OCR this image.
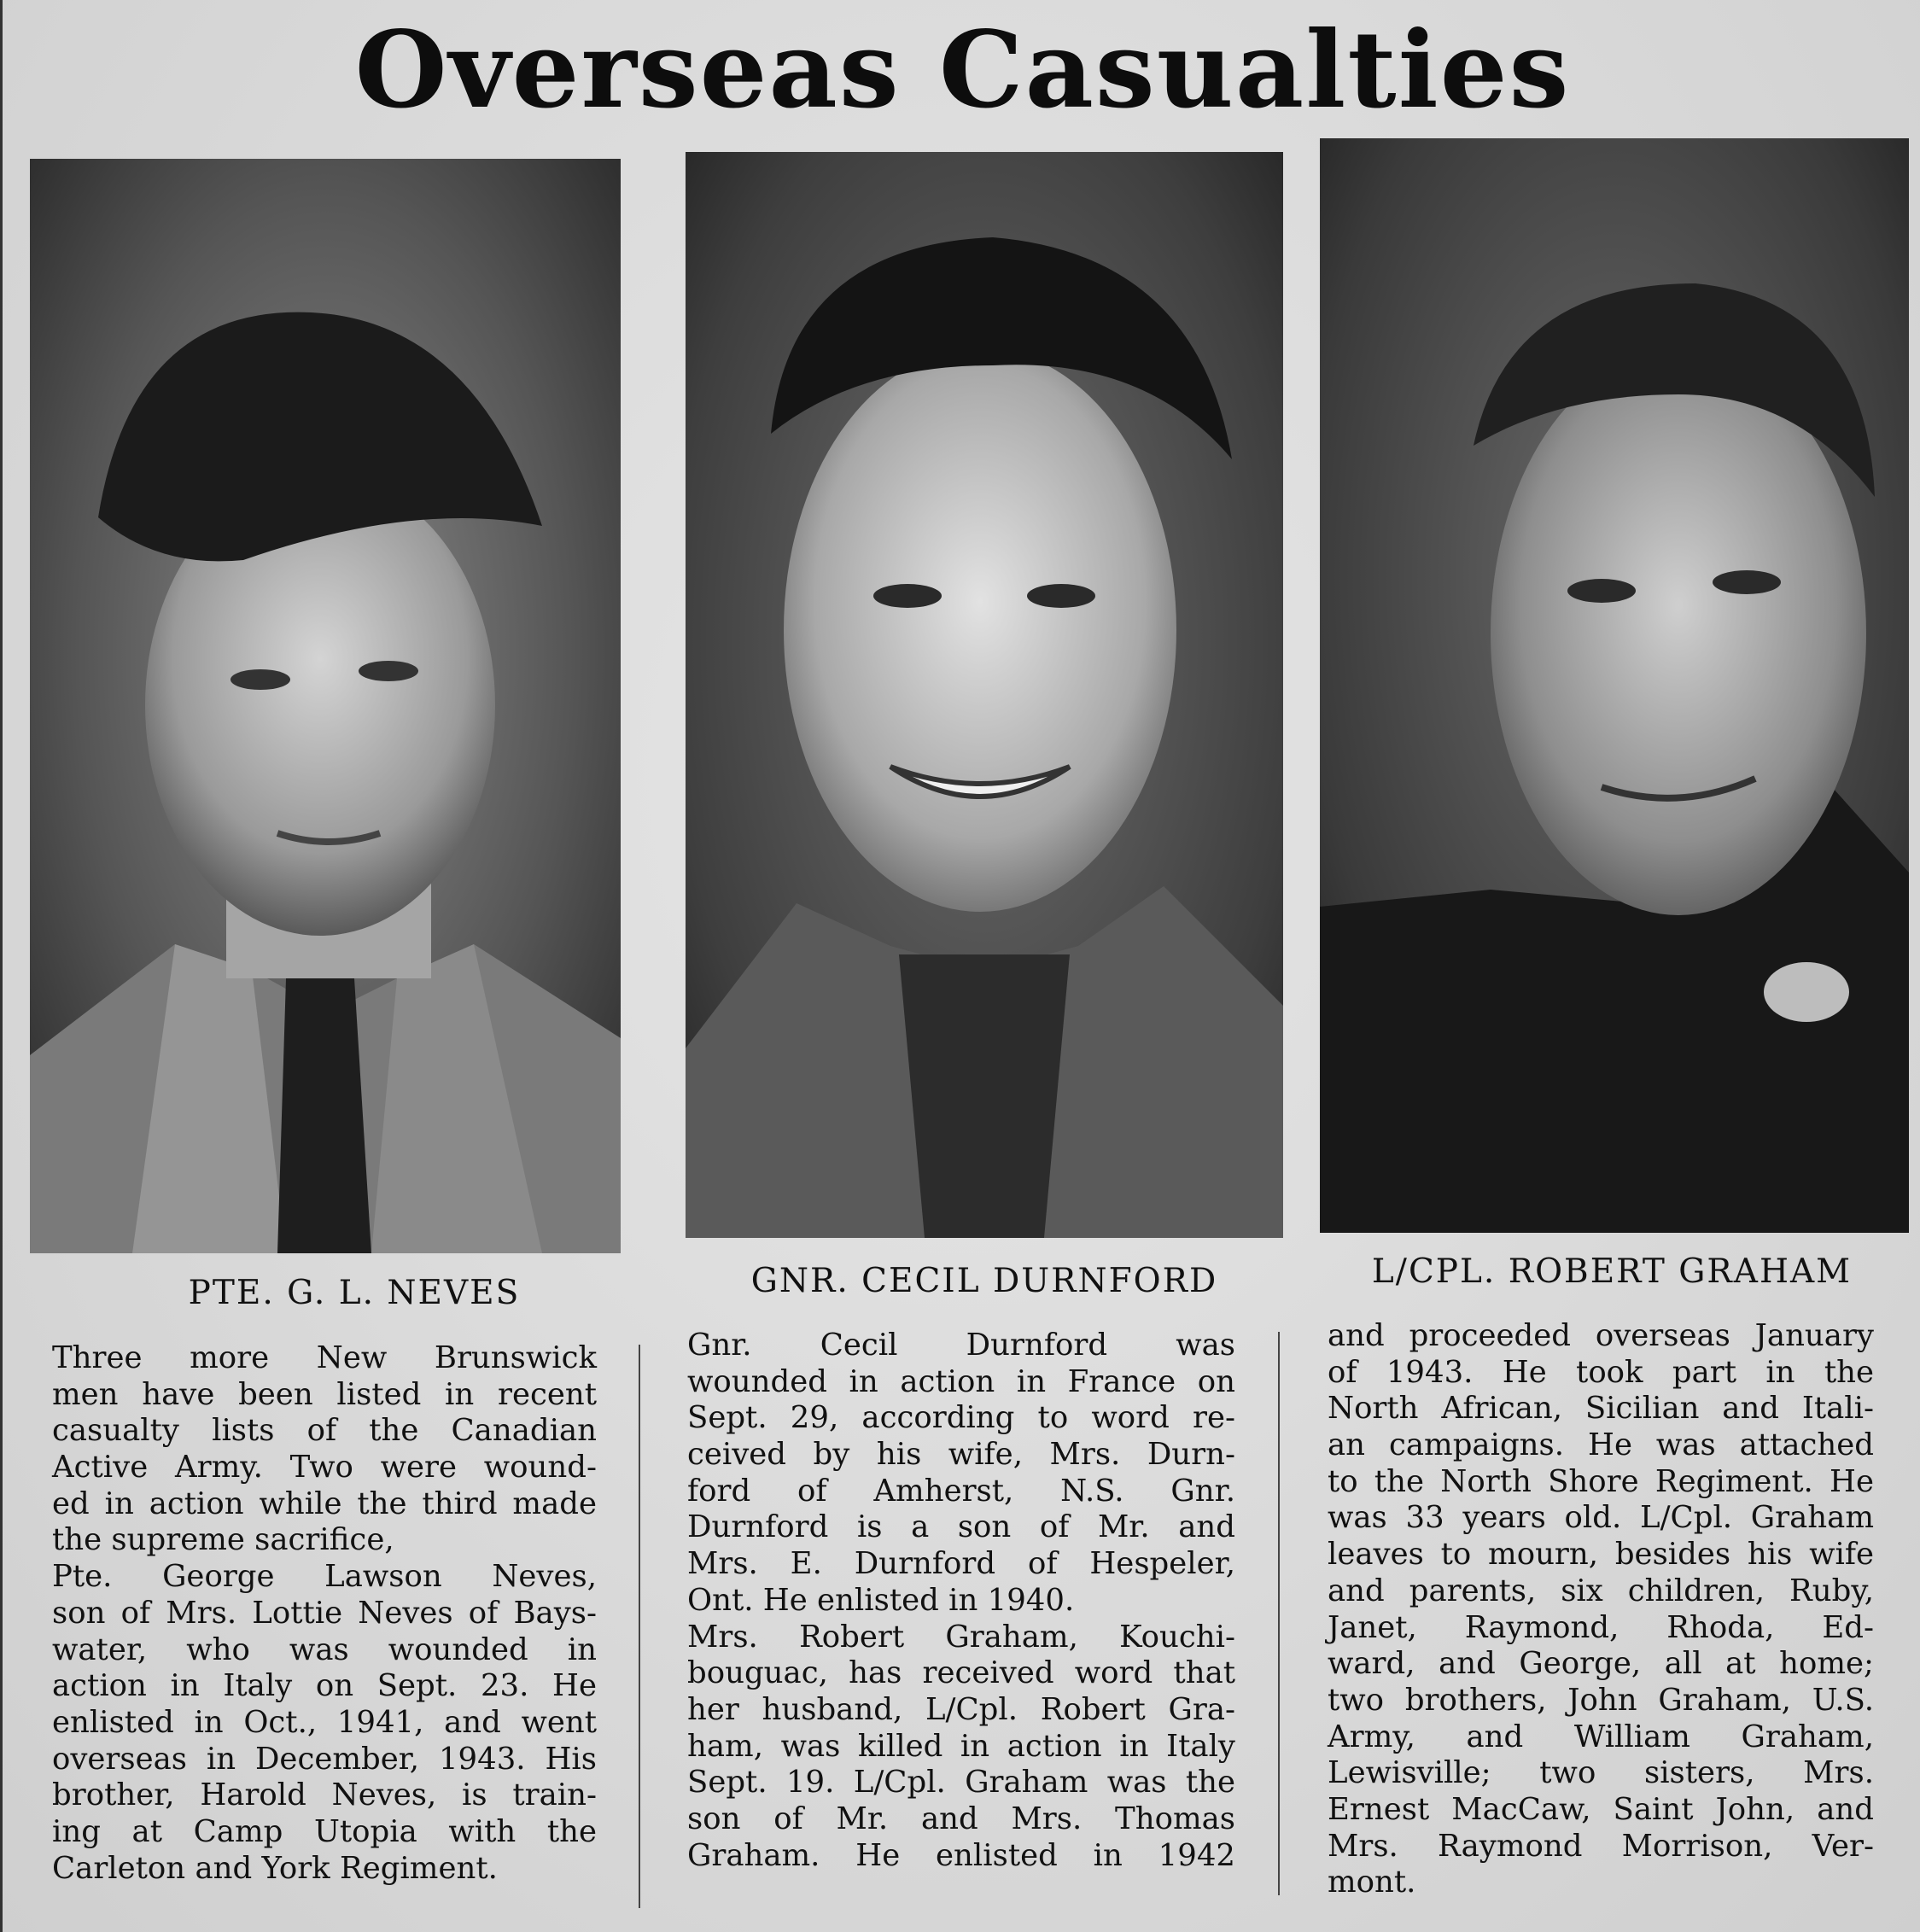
Overseas Casualties
PTE. G. L. NEVES	GNR. CECIL DURNFORD	L/CPL. ROBERT GRAHAM
Three more New Brunswick
men have been listed in recent
casualty lists of the Canadian
Active Army. Two were wound-
ed in action while the third made
the supreme sacrifice,
Pte. George Lawson Neves,
son of Mrs. Lottie Neves of Bays-
water, who was wounded in
action in Italy on Sept. 23. He
enlisted in Oct., 1941, and went
overseas in December, 1943. His
brother, Harold Neves, is train-
ing at Camp Utopia with the
Carleton and York Regiment.
Gnr. Cecil Durnford was
wounded in action in France on
Sept. 29, according to word re-
ceived by his wife, Mrs. Durn-
ford of Amherst, N.S. Gnr.
Durnford is a son of Mr. and
Mrs. E. Durnford of Hespeler,
Ont. He enlisted in 1940.
Mrs. Robert Graham, Kouchi-
bouguac, has received word that
her husband, L/Cpl. Robert Gra-
ham, was killed in action in Italy
Sept. 19. L/Cpl. Graham was the
son of Mr. and Mrs. Thomas
Graham. He enlisted in 1942
and proceeded overseas January
of 1943. He took part in the
North African, Sicilian and Itali-
an campaigns. He was attached
to the North Shore Regiment. He
was 33 years old. L/Cpl. Graham
leaves to mourn, besides his wife
and parents, six children, Ruby,
Janet, Raymond, Rhoda, Ed-
ward, and George, all at home;
two brothers, John Graham, U.S.
Army, and William Graham,
Lewisville; two sisters, Mrs.
Ernest MacCaw, Saint John, and
Mrs. Raymond Morrison, Ver-
mont.
